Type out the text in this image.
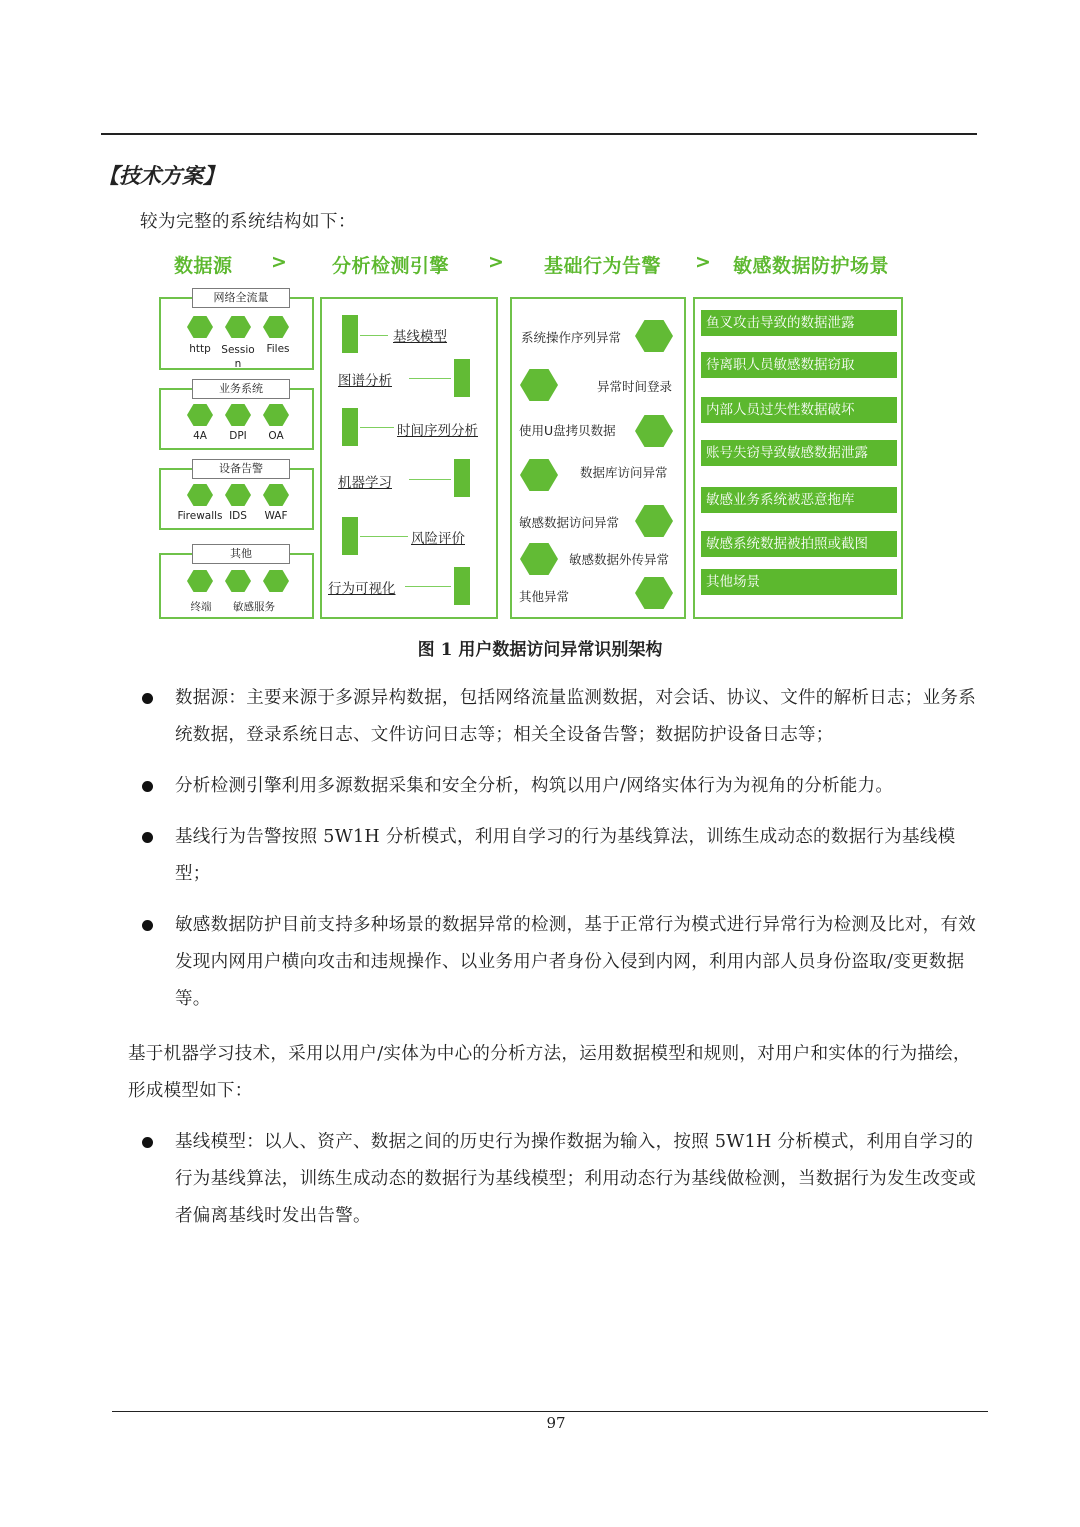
【技术方案】
较为完整的系统结构如下：
数据源 > 分析检测引擎 > 基础行为告警 > 敏感数据防护场景
网络全流量
http	Sessio
n
Files
业务系统
4A	DPI	OA
设备告警
Firewalls IDS	WAF
其他
终端	敏感服务
基线模型
图谱分析
时间序列分析
机器学习
风险评价
行为可视化
系统操作序列异常
异常时间登录
使用U盘拷贝数据
数据库访问异常
敏感数据访问异常
敏感数据外传异常
其他异常
鱼叉攻击导致的数据泄露
待离职人员敏感数据窃取
内部人员过失性数据破坏
账号失窃导致敏感数据泄露
敏感业务系统被恶意拖库
敏感系统数据被拍照或截图
其他场景
图 1 用户数据访问异常识别架构
数据源：主要来源于多源异构数据，包括网络流量监测数据，对会话、协议、文件的解析日志；业务系统数据，登录系统日志、文件访问日志等；相关全设备告警；数据防护设备日志等；
分析检测引擎利用多源数据采集和安全分析，构筑以用户/网络实体行为为视角的分析能力。
基线行为告警按照 5W1H 分析模式，利用自学习的行为基线算法，训练生成动态的数据行为基线模型；
敏感数据防护目前支持多种场景的数据异常的检测，基于正常行为模式进行异常行为检测及比对，有效发现内网用户横向攻击和违规操作、以业务用户者身份入侵到内网，利用内部人员身份盗取/变更数据等。
基于机器学习技术，采用以用户/实体为中心的分析方法，运用数据模型和规则，对用户和实体的行为描绘，形成模型如下：
基线模型：以人、资产、数据之间的历史行为操作数据为输入，按照 5W1H 分析模式，利用自学习的行为基线算法，训练生成动态的数据行为基线模型；利用动态行为基线做检测，当数据行为发生改变或者偏离基线时发出告警。
97
